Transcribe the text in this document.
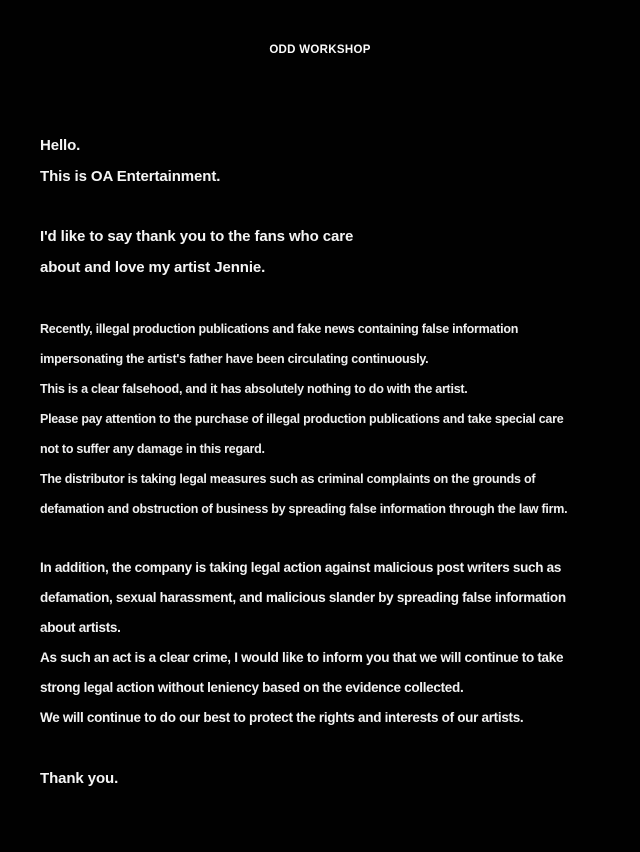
ODD WORKSHOP

Hello.

This is OA Entertainment.

I'd like to say thank you to the fans who care

about and love my artist Jennie.

Recently, illegal production publications and fake news containing false information

impersonating the artist's father have been circulating continuously.

This is a clear falsehood, and it has absolutely nothing to do with the artist.

Please pay attention to the purchase of illegal production publications and take special care

not to suffer any damage in this regard.

The distributor is taking legal measures such as criminal complaints on the grounds of

defamation and obstruction of business by spreading false information through the law firm.

In addition, the company is taking legal action against malicious post writers such as

defamation, sexual harassment, and malicious slander by spreading false information

about artists.

As such an act is a clear crime, I would like to inform you that we will continue to take

strong legal action without leniency based on the evidence collected.

We will continue to do our best to protect the rights and interests of our artists.

Thank you.
